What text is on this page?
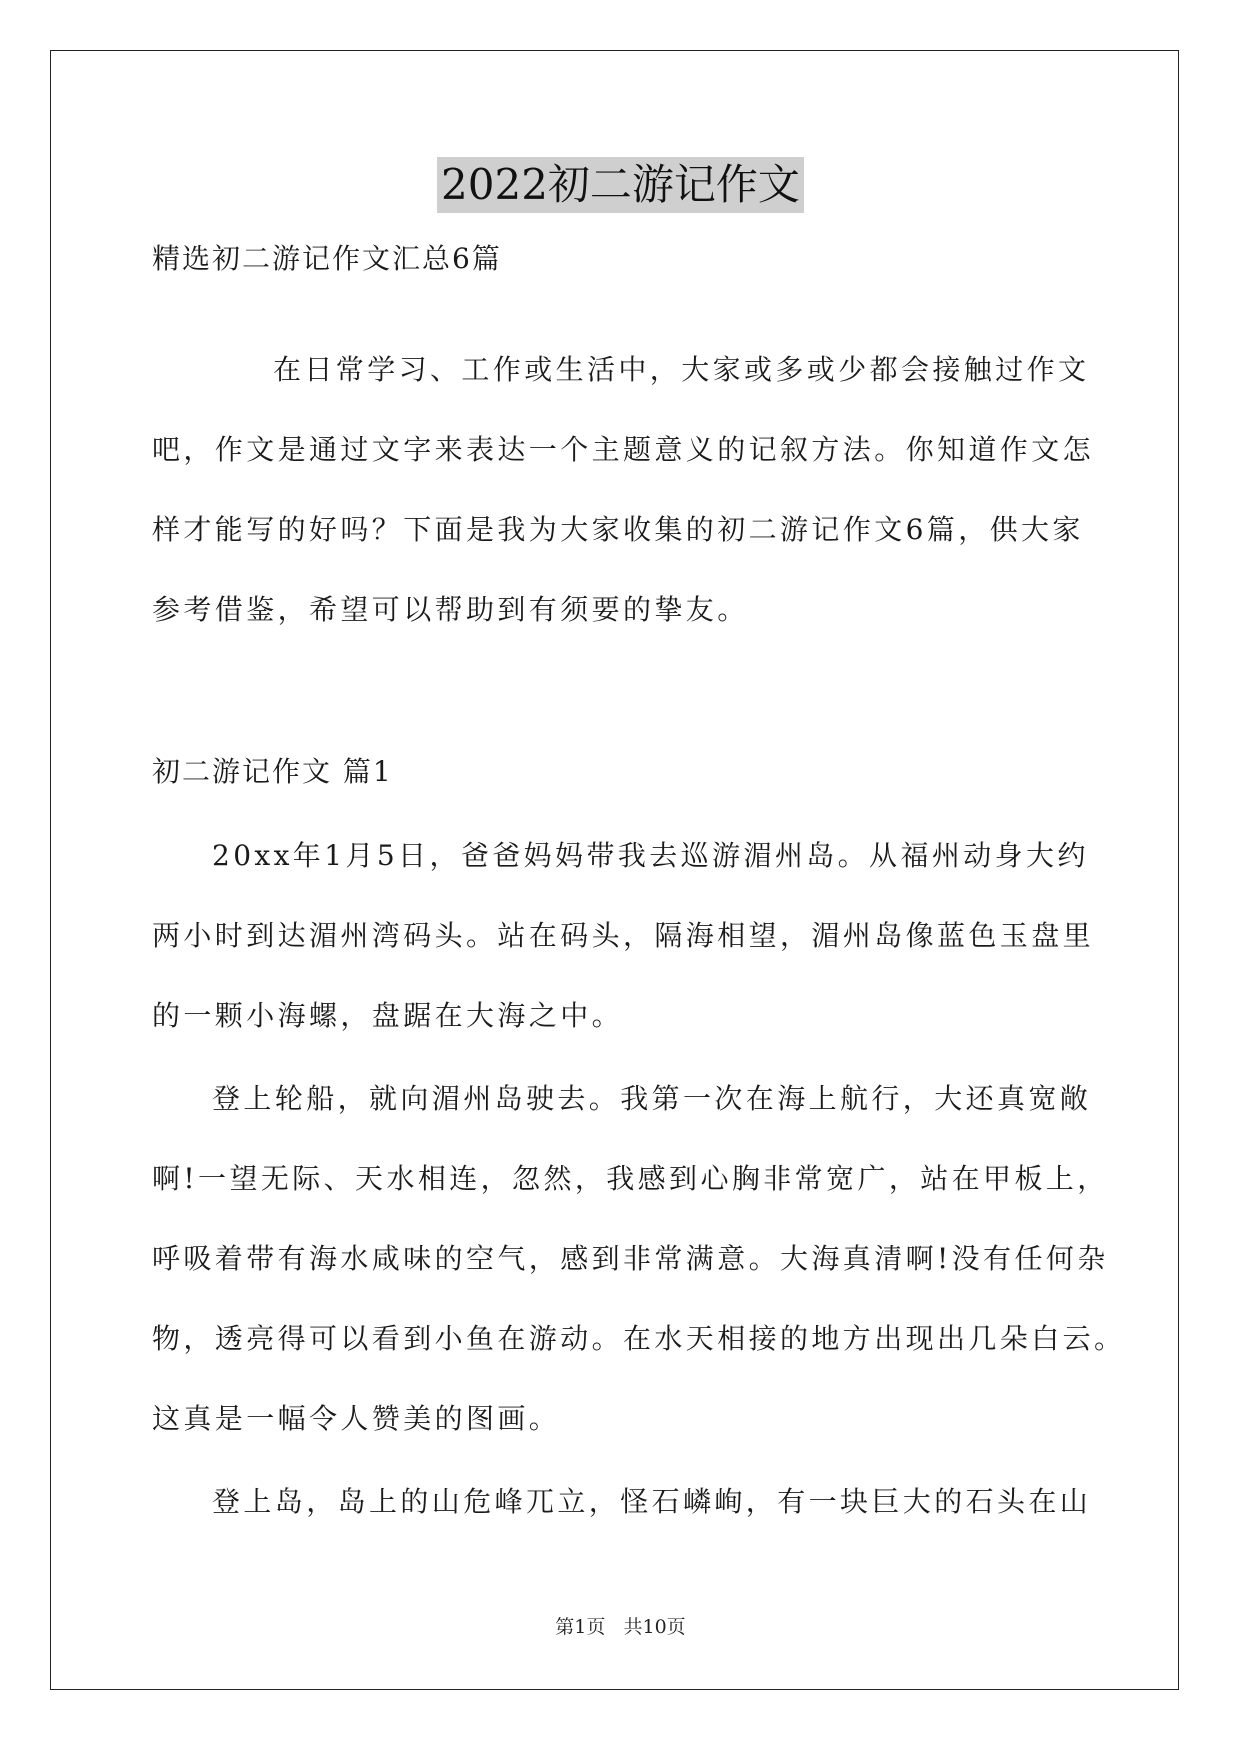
2022初二游记作文
精选初二游记作文汇总6篇
在日常学习、工作或生活中，大家或多或少都会接触过作文
吧，作文是通过文字来表达一个主题意义的记叙方法。你知道作文怎
样才能写的好吗？下面是我为大家收集的初二游记作文6篇，供大家
参考借鉴，希望可以帮助到有须要的挚友。
初二游记作文 篇1
20xx年1月5日，爸爸妈妈带我去巡游湄州岛。从福州动身大约
两小时到达湄州湾码头。站在码头，隔海相望，湄州岛像蓝色玉盘里
的一颗小海螺，盘踞在大海之中。
登上轮船，就向湄州岛驶去。我第一次在海上航行，大还真宽敞
啊!一望无际、天水相连，忽然，我感到心胸非常宽广，站在甲板上，
呼吸着带有海水咸味的空气，感到非常满意。大海真清啊!没有任何杂
物，透亮得可以看到小鱼在游动。在水天相接的地方出现出几朵白云。
这真是一幅令人赞美的图画。
登上岛，岛上的山危峰兀立，怪石嶙峋，有一块巨大的石头在山
第1页   共10页
